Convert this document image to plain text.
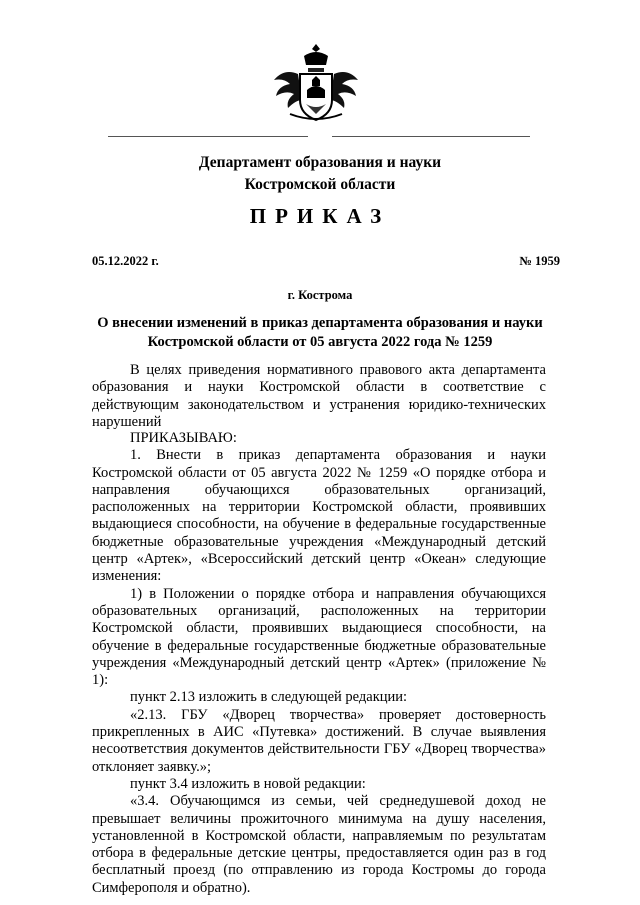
Департамент образования и науки
Костромской области
ПРИКАЗ
05.12.2022 г.	№ 1959
г. Кострома
О внесении изменений в приказ департамента образования и науки Костромской области от 05 августа 2022 года № 1259

В целях приведения нормативного правового акта департамента образования и науки Костромской области в соответствие с действующим законодательством и устранения юридико-технических нарушений

ПРИКАЗЫВАЮ:

1. Внести в приказ департамента образования и науки Костромской области от 05 августа 2022 № 1259 «О порядке отбора и направления обучающихся образовательных организаций, расположенных на территории Костромской области, проявивших выдающиеся способности, на обучение в федеральные государственные бюджетные образовательные учреждения «Международный детский центр «Артек», «Всероссийский детский центр «Океан» следующие изменения:

1) в Положении о порядке отбора и направления обучающихся образовательных организаций, расположенных на территории Костромской области, проявивших выдающиеся способности, на обучение в федеральные государственные бюджетные образовательные учреждения «Международный детский центр «Артек» (приложение № 1):

пункт 2.13 изложить в следующей редакции:

«2.13. ГБУ «Дворец творчества» проверяет достоверность прикрепленных в АИС «Путевка» достижений. В случае выявления несоответствия документов действительности ГБУ «Дворец творчества» отклоняет заявку.»;

пункт 3.4 изложить в новой редакции:

«3.4. Обучающимся из семьи, чей среднедушевой доход не превышает величины прожиточного минимума на душу населения, установленной в Костромской области, направляемым по результатам отбора в федеральные детские центры, предоставляется один раз в год бесплатный проезд (по отправлению из города Костромы до города Симферополя и обратно).
